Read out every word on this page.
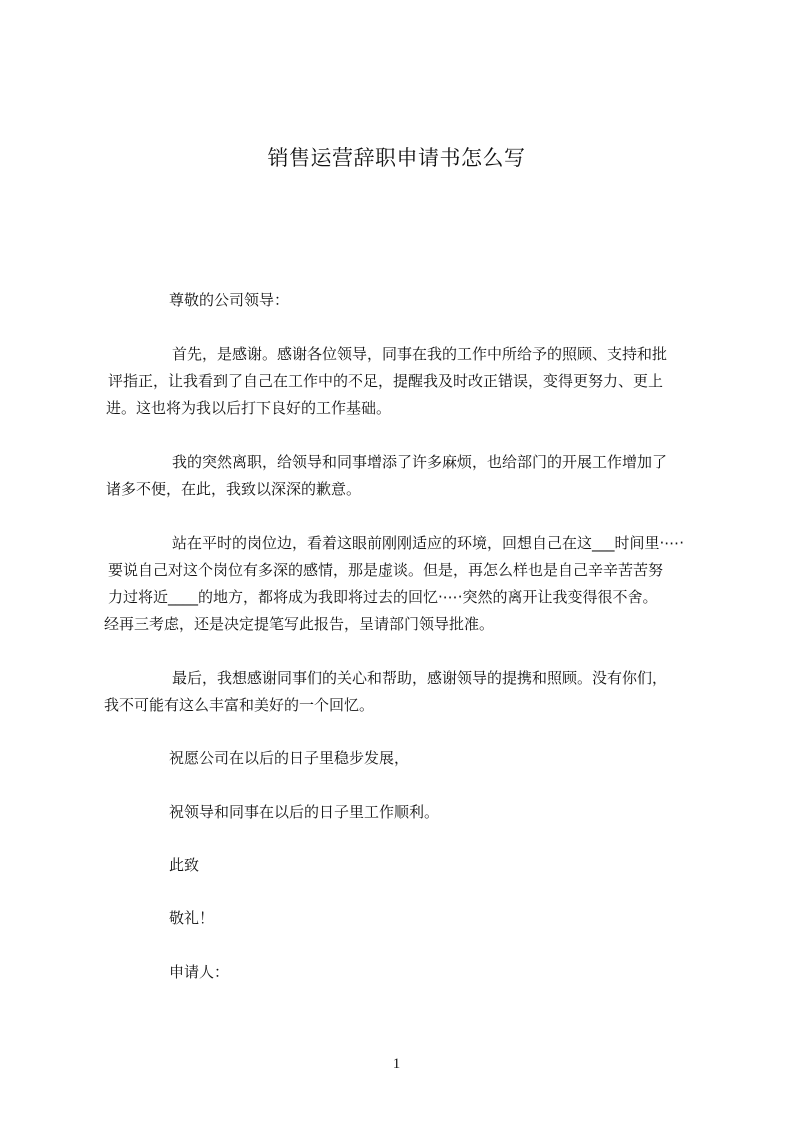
销售运营辞职申请书怎么写
尊敬的公司领导：
首先，是感谢。感谢各位领导，同事在我的工作中所给予的照顾、支持和批
评指正，让我看到了自己在工作中的不足，提醒我及时改正错误，变得更努力、更上
进。这也将为我以后打下良好的工作基础。
我的突然离职，给领导和同事增添了许多麻烦，也给部门的开展工作增加了
诸多不便，在此，我致以深深的歉意。
站在平时的岗位边，看着这眼前刚刚适应的环境，回想自己在这___时间里·⋯·
要说自己对这个岗位有多深的感情，那是虚谈。但是，再怎么样也是自己辛辛苦苦努
力过将近____的地方，都将成为我即将过去的回忆·⋯·突然的离开让我变得很不舍。
经再三考虑，还是决定提笔写此报告，呈请部门领导批准。
最后，我想感谢同事们的关心和帮助，感谢领导的提携和照顾。没有你们，
我不可能有这么丰富和美好的一个回忆。
祝愿公司在以后的日子里稳步发展，
祝领导和同事在以后的日子里工作顺利。
此致
敬礼！
申请人：
1
